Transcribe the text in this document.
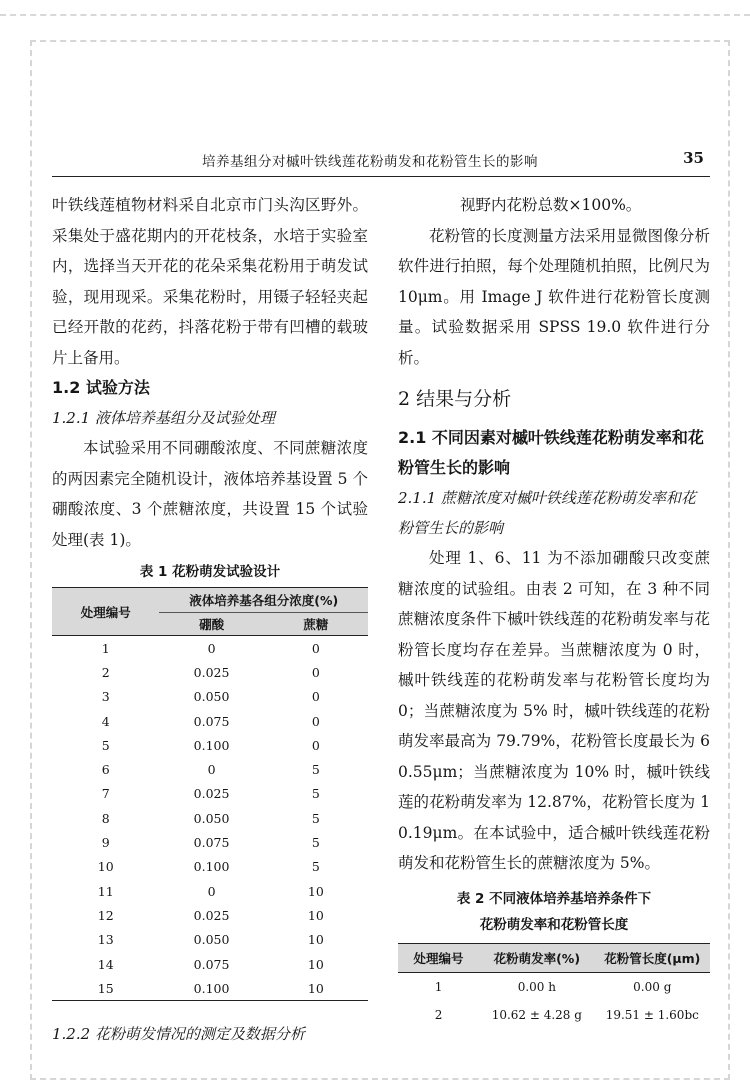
培养基组分对槭叶铁线莲花粉萌发和花粉管生长的影响	35

叶铁线莲植物材料采自北京市门头沟区野外。采集处于盛花期内的开花枝条，水培于实验室内，选择当天开花的花朵采集花粉用于萌发试验，现用现采。采集花粉时，用镊子轻轻夹起已经开散的花药，抖落花粉于带有凹槽的载玻片上备用。

1.2 试验方法

1.2.1 液体培养基组分及试验处理

本试验采用不同硼酸浓度、不同蔗糖浓度的两因素完全随机设计，液体培养基设置 5 个硼酸浓度、3 个蔗糖浓度，共设置 15 个试验处理(表 1)。

表 1 花粉萌发试验设计
处理编号	液体培养基各组分浓度(%)	
	硼酸	蔗糖
1	0	0
2	0.025	0
3	0.050	0
4	0.075	0
5	0.100	0
6	0	5
7	0.025	5
8	0.050	5
9	0.075	5
10	0.100	5
11	0	10
12	0.025	10
13	0.050	10
14	0.075	10
15	0.100	10

1.2.2 花粉萌发情况的测定及数据分析

视野内花粉总数×100%。

花粉管的长度测量方法采用显微图像分析软件进行拍照，每个处理随机拍照，比例尺为 10μm。用 Image J 软件进行花粉管长度测量。试验数据采用 SPSS 19.0 软件进行分析。

2 结果与分析

2.1 不同因素对槭叶铁线莲花粉萌发率和花粉管生长的影响

2.1.1 蔗糖浓度对槭叶铁线莲花粉萌发率和花粉管生长的影响

处理 1、6、11 为不添加硼酸只改变蔗糖浓度的试验组。由表 2 可知，在 3 种不同蔗糖浓度条件下槭叶铁线莲的花粉萌发率与花粉管长度均存在差异。当蔗糖浓度为 0 时，槭叶铁线莲的花粉萌发率与花粉管长度均为 0；当蔗糖浓度为 5% 时，槭叶铁线莲的花粉萌发率最高为 79.79%，花粉管长度最长为 60.55μm；当蔗糖浓度为 10% 时，槭叶铁线莲的花粉萌发率为 12.87%，花粉管长度为 10.19μm。在本试验中，适合槭叶铁线莲花粉萌发和花粉管生长的蔗糖浓度为 5%。

表 2 不同液体培养基培养条件下
花粉萌发率和花粉管长度
处理编号	花粉萌发率(%)	花粉管长度(μm)
1	0.00 h	0.00 g
2	10.62 ± 4.28 g	19.51 ± 1.60bc
